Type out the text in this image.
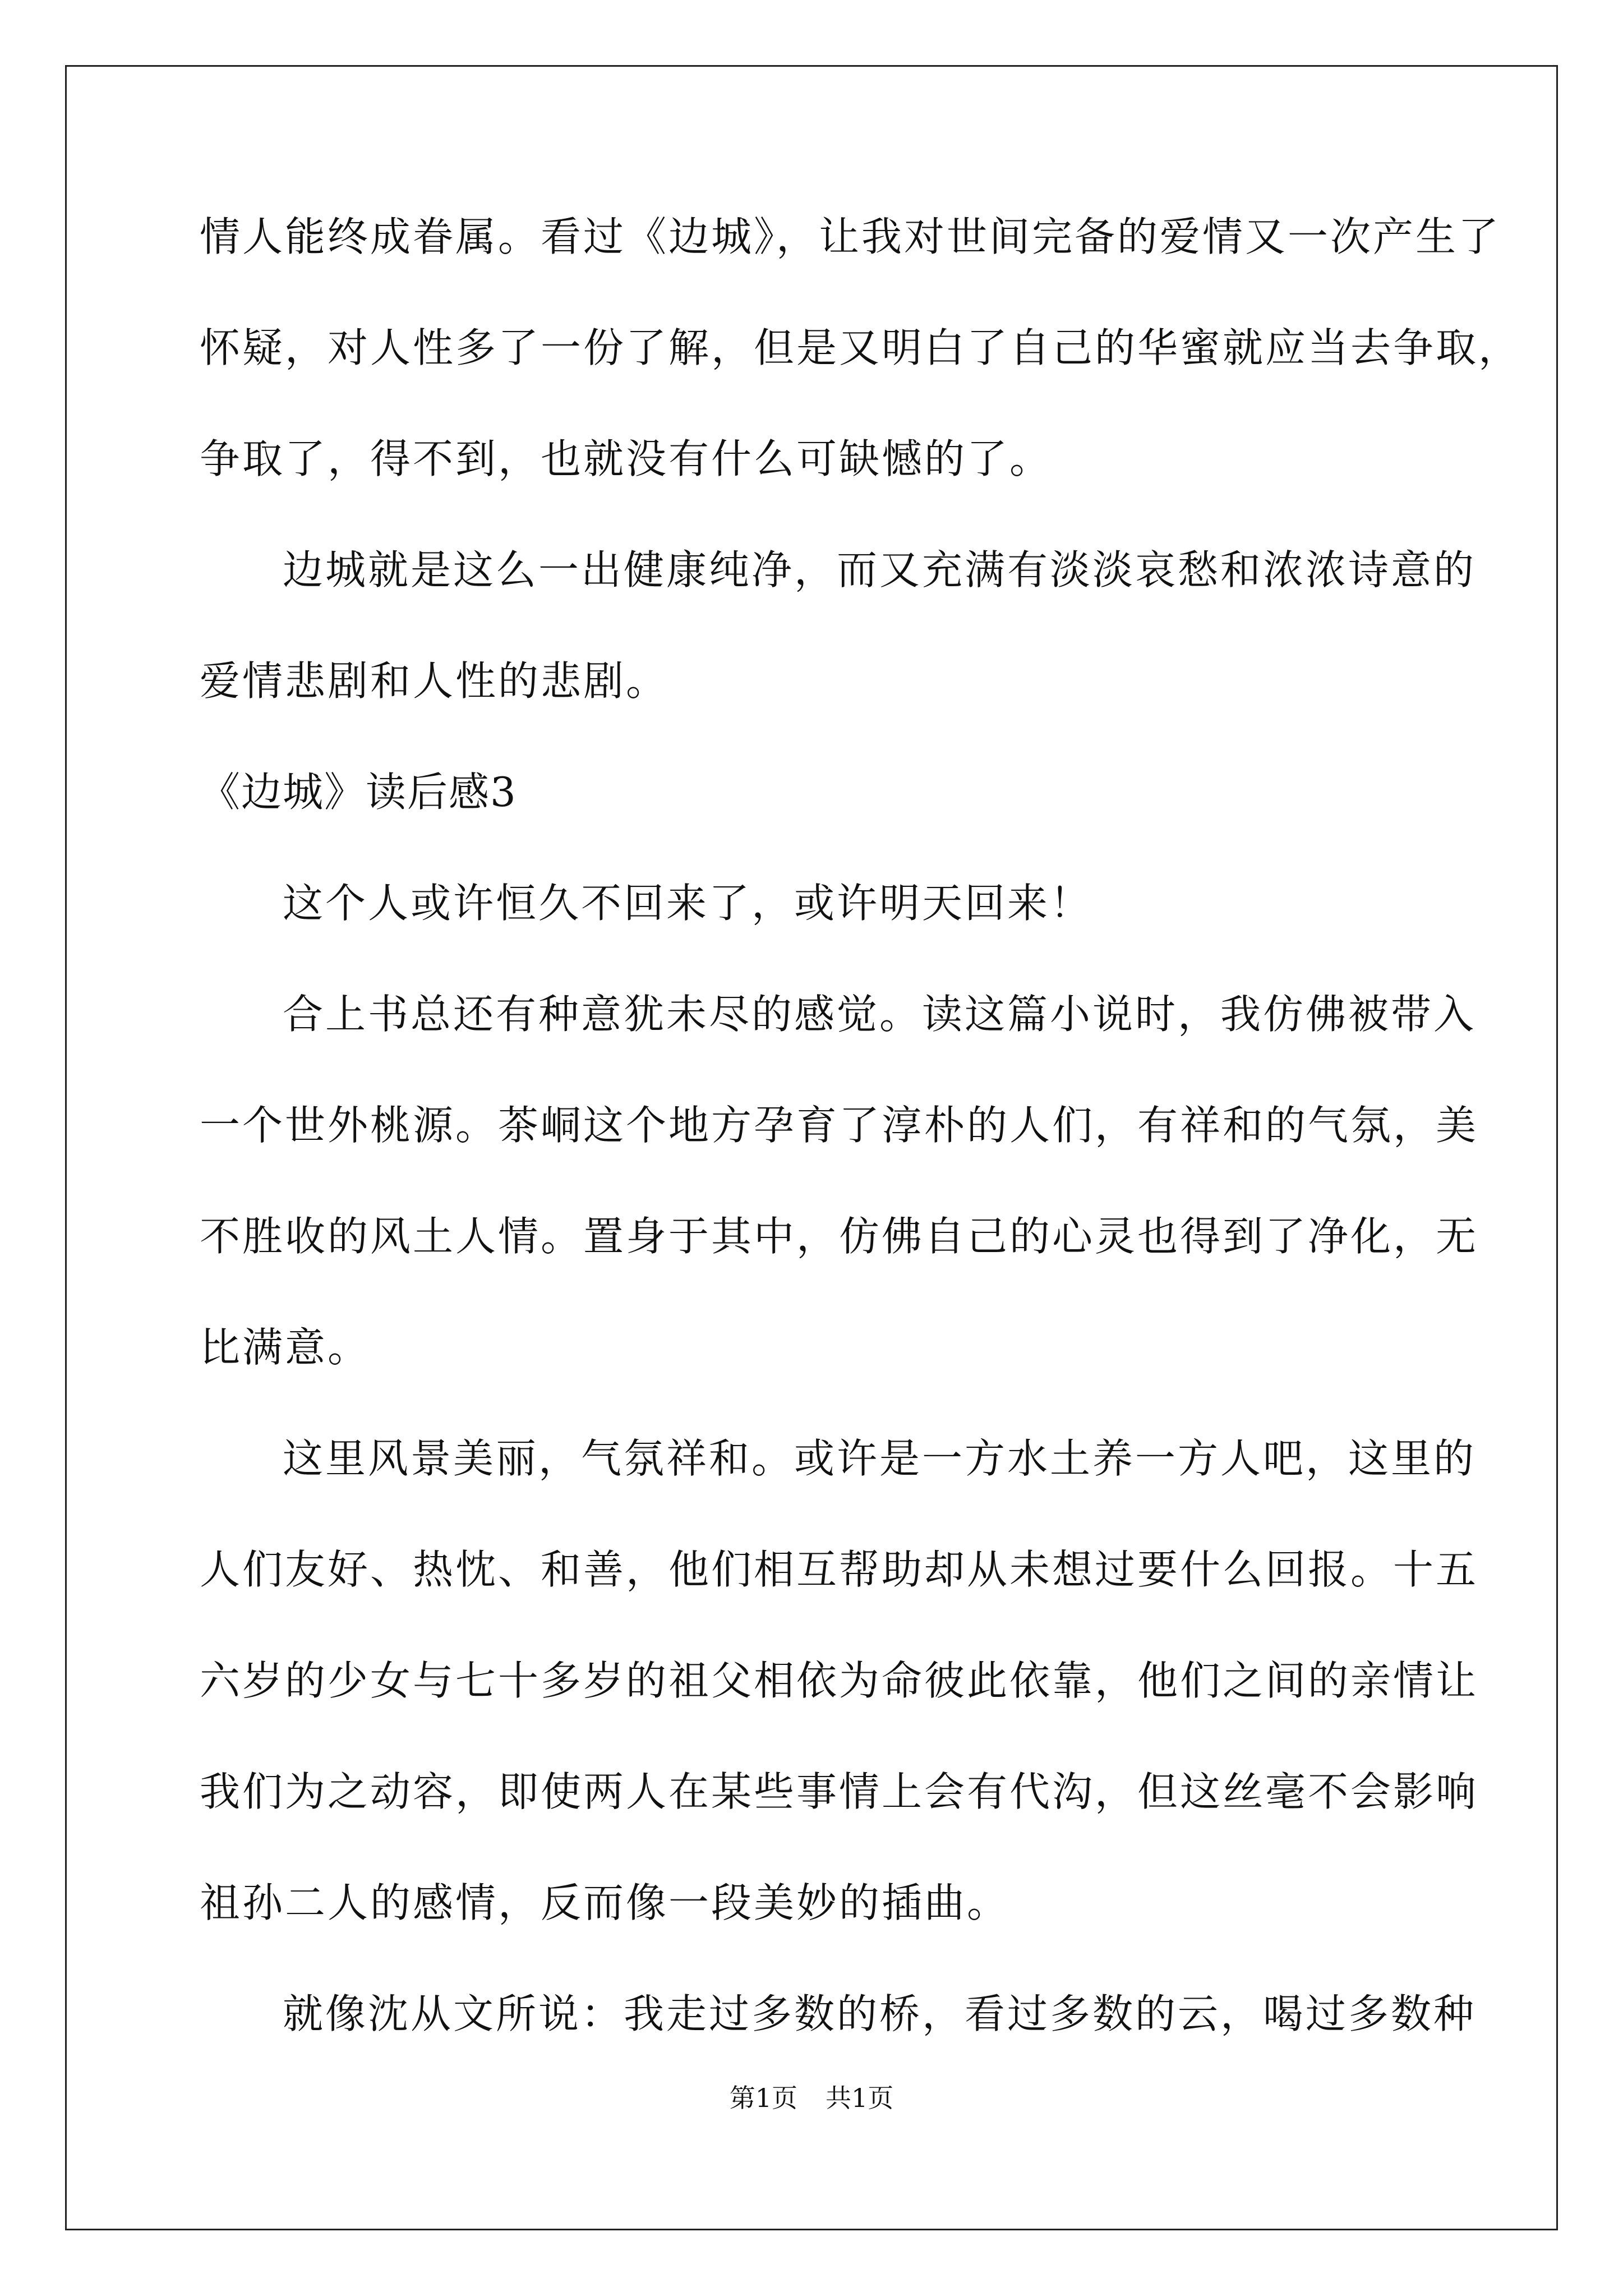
情人能终成眷属。看过《边城》，让我对世间完备的爱情又一次产生了
怀疑，对人性多了一份了解，但是又明白了自己的华蜜就应当去争取，
争取了，得不到，也就没有什么可缺憾的了。
边城就是这么一出健康纯净，而又充满有淡淡哀愁和浓浓诗意的
爱情悲剧和人性的悲剧。
《边城》读后感3
这个人或许恒久不回来了，或许明天回来！
合上书总还有种意犹未尽的感觉。读这篇小说时，我仿佛被带入
一个世外桃源。茶峒这个地方孕育了淳朴的人们，有祥和的气氛，美
不胜收的风土人情。置身于其中，仿佛自己的心灵也得到了净化，无
比满意。
这里风景美丽，气氛祥和。或许是一方水土养一方人吧，这里的
人们友好、热忱、和善，他们相互帮助却从未想过要什么回报。十五
六岁的少女与七十多岁的祖父相依为命彼此依靠，他们之间的亲情让
我们为之动容，即使两人在某些事情上会有代沟，但这丝毫不会影响
祖孙二人的感情，反而像一段美妙的插曲。
就像沈从文所说：我走过多数的桥，看过多数的云，喝过多数种
第1页 共1页
